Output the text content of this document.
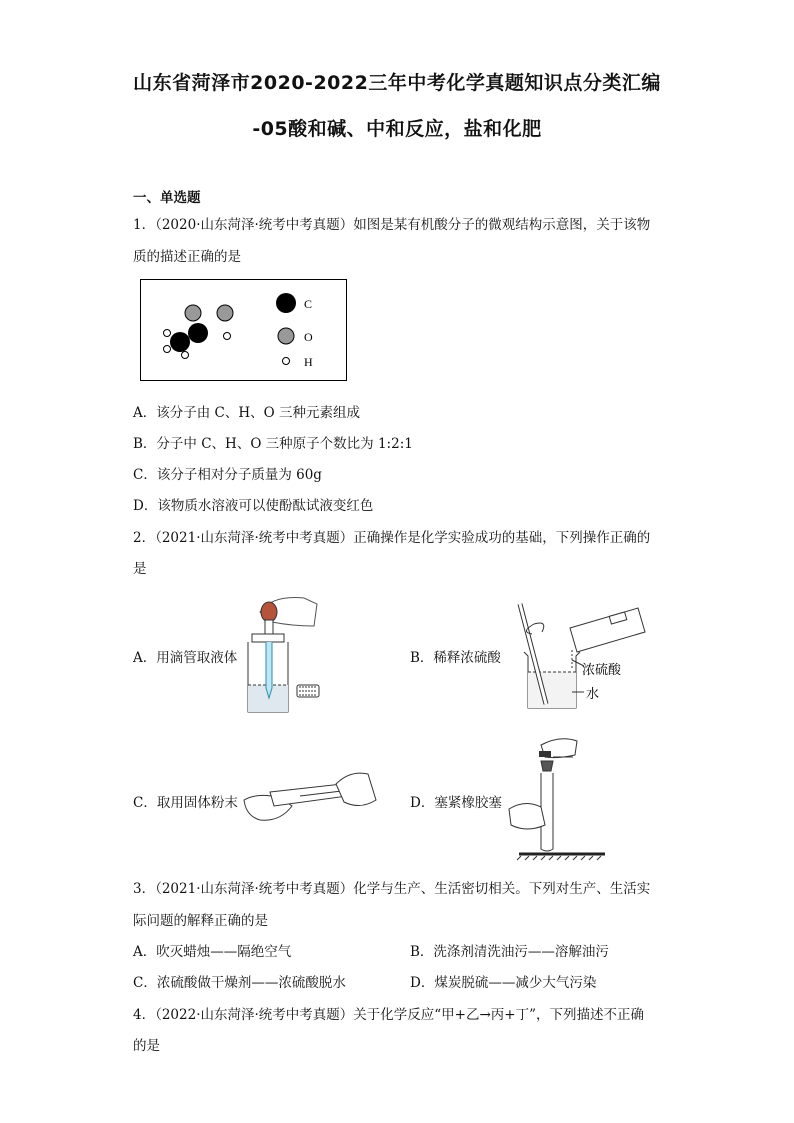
山东省菏泽市2020-2022三年中考化学真题知识点分类汇编
-05酸和碱、中和反应，盐和化肥
一、单选题
1．（2020·山东菏泽·统考中考真题）如图是某有机酸分子的微观结构示意图，关于该物
质的描述正确的是
C
O
H
A．该分子由 C、H、O 三种元素组成
B．分子中 C、H、O 三种原子个数比为 1:2:1
C．该分子相对分子质量为 60g
D．该物质水溶液可以使酚酞试液变红色
2．（2021·山东菏泽·统考中考真题）正确操作是化学实验成功的基础，下列操作正确的
是
A．用滴管取液体	B．稀释浓硫酸
浓硫酸
水
C．取用固体粉末	D．塞紧橡胶塞
3．（2021·山东菏泽·统考中考真题）化学与生产、生活密切相关。下列对生产、生活实
际问题的解释正确的是
A．吹灭蜡烛——隔绝空气	B．洗涤剂清洗油污——溶解油污
C．浓硫酸做干燥剂——浓硫酸脱水	D．煤炭脱硫——减少大气污染
4．（2022·山东菏泽·统考中考真题）关于化学反应“甲+乙→丙+丁”，下列描述不正确
的是
